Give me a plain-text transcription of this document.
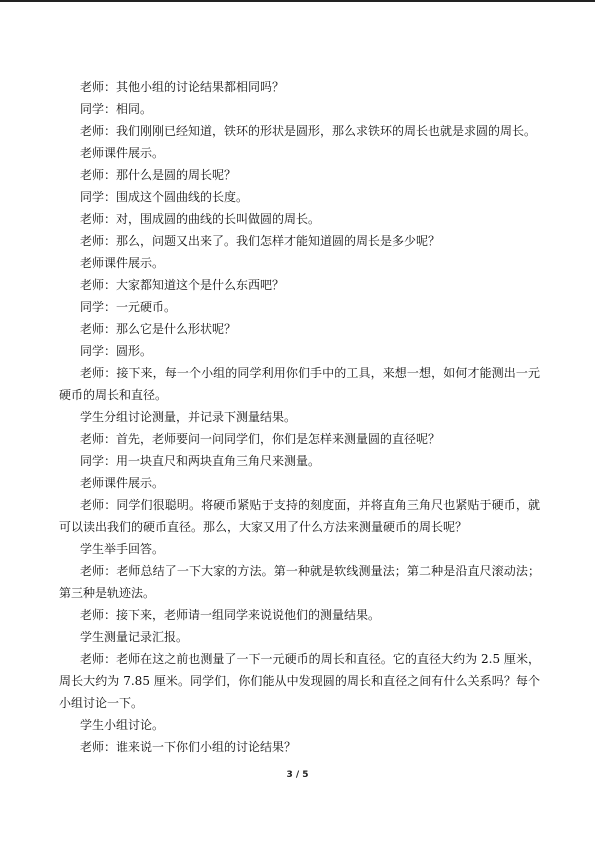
老师：其他小组的讨论结果都相同吗？

同学：相同。

老师：我们刚刚已经知道，铁环的形状是圆形，那么求铁环的周长也就是求圆的周长。

老师课件展示。

老师：那什么是圆的周长呢？

同学：围成这个圆曲线的长度。

老师：对，围成圆的曲线的长叫做圆的周长。

老师：那么，问题又出来了。我们怎样才能知道圆的周长是多少呢？

老师课件展示。

老师：大家都知道这个是什么东西吧？

同学：一元硬币。

老师：那么它是什么形状呢？

同学：圆形。

老师：接下来，每一个小组的同学利用你们手中的工具，来想一想，如何才能测出一元硬币的周长和直径。

学生分组讨论测量，并记录下测量结果。

老师：首先，老师要问一问同学们，你们是怎样来测量圆的直径呢？

同学：用一块直尺和两块直角三角尺来测量。

老师课件展示。

老师：同学们很聪明。将硬币紧贴于支持的刻度面，并将直角三角尺也紧贴于硬币，就可以读出我们的硬币直径。那么，大家又用了什么方法来测量硬币的周长呢？

学生举手回答。

老师：老师总结了一下大家的方法。第一种就是软线测量法；第二种是沿直尺滚动法；第三种是轨迹法。

老师：接下来，老师请一组同学来说说他们的测量结果。

学生测量记录汇报。

老师：老师在这之前也测量了一下一元硬币的周长和直径。它的直径大约为 2.5 厘米，周长大约为 7.85 厘米。同学们，你们能从中发现圆的周长和直径之间有什么关系吗？每个小组讨论一下。

学生小组讨论。

老师：谁来说一下你们小组的讨论结果？

3 / 5
